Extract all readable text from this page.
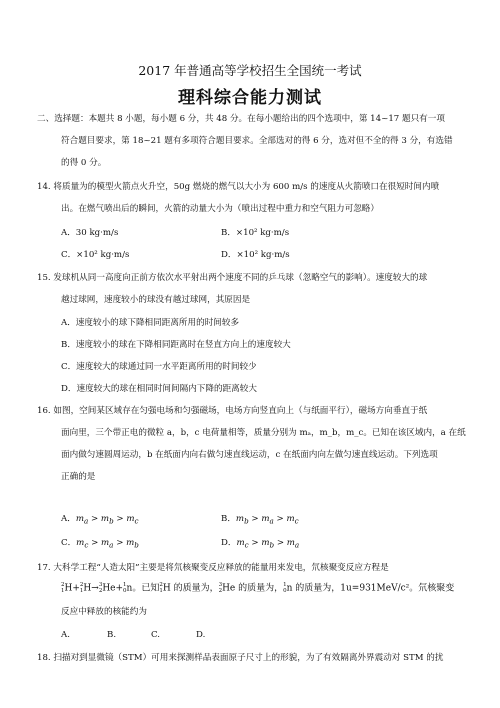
2017 年普通高等学校招生全国统一考试
理科综合能力测试
二、选择题：本题共 8 小题，每小题 6 分，共 48 分。在每小题给出的四个选项中，第 14~17 题只有一项
符合题目要求，第 18~21 题有多项符合题目要求。全部选对的得 6 分，选对但不全的得 3 分，有选错
的得 0 分。
14. 将质量为的模型火箭点火升空，50g 燃烧的燃气以大小为 600 m/s 的速度从火箭喷口在很短时间内喷
出。在燃气喷出后的瞬间，火箭的动量大小为（喷出过程中重力和空气阻力可忽略）
A．30 kg·m/s	B．×10² kg·m/s
C．×10² kg·m/s	D．×10² kg·m/s
15. 发球机从同一高度向正前方依次水平射出两个速度不同的乒乓球（忽略空气的影响）。速度较大的球
越过球网，速度较小的球没有越过球网，其原因是
A．速度较小的球下降相同距离所用的时间较多
B．速度较小的球在下降相同距离时在竖直方向上的速度较大
C．速度较大的球通过同一水平距离所用的时间较少
D．速度较大的球在相同时间间隔内下降的距离较大
16. 如图，空间某区域存在匀强电场和匀强磁场，电场方向竖直向上（与纸面平行），磁场方向垂直于纸
面向里，三个带正电的微粒 a，b，c 电荷量相等，质量分别为 mₐ，m_b，m_c。已知在该区域内，a 在纸
面内做匀速圆周运动，b 在纸面内向右做匀速直线运动，c 在纸面内向左做匀速直线运动。下列选项
正确的是
A．$m_a > m_b > m_c$	B．$m_b > m_a > m_c$
C．$m_c > m_a > m_b$	D．$m_c > m_b > m_a$
17. 大科学工程“人造太阳”主要是将氘核聚变反应释放的能量用来发电，氘核聚变反应方程是
2
1 H+ 2
1 H→ 3
2 He+ 1
0 n。已知 2
1 H 的质量为， 3
2 He 的质量为， 1
0 n 的质量为，1u=931MeV/c²。氘核聚变
反应中释放的核能约为
A.	B.	C.	D.
18. 扫描对到显微镜（STM）可用来探测样品表面原子尺寸上的形貌，为了有效隔离外界震动对 STM 的扰
